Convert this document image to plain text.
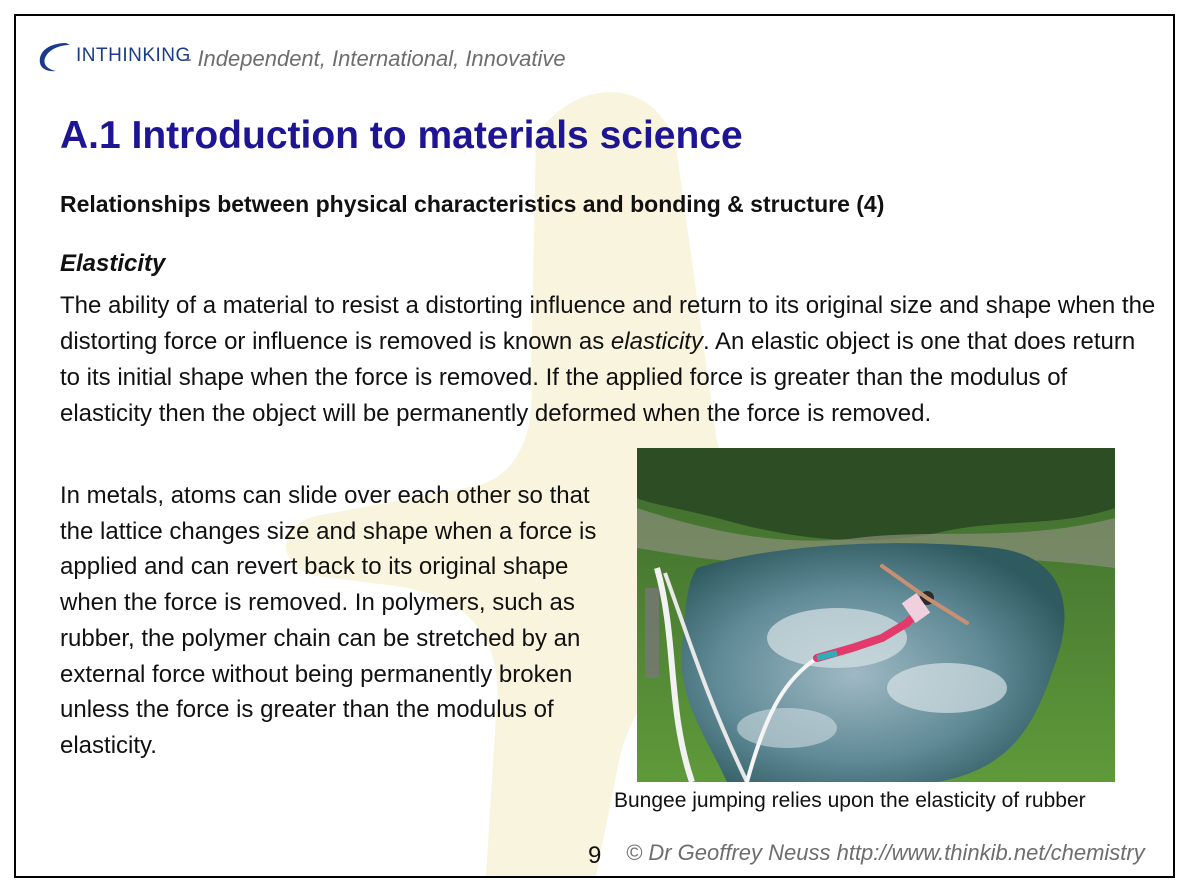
INTHINKING
- Independent, International, Innovative
A.1 Introduction to materials science
Relationships between physical characteristics and bonding & structure (4)
Elasticity
The ability of a material to resist a distorting influence and return to its original size and shape when the distorting force or influence is removed is known as elasticity. An elastic object is one that does return to its initial shape when the force is removed. If the applied force is greater than the modulus of elasticity then the object will be permanently deformed when the force is removed.
In metals, atoms can slide over each other so that the lattice changes size and shape when a force is applied and can revert back to its original shape when the force is removed. In polymers, such as rubber, the polymer chain can be stretched by an external force without being permanently broken unless the force is greater than the modulus of elasticity.
Bungee jumping relies upon the elasticity of rubber
9 © Dr Geoffrey Neuss http://www.thinkib.net/chemistry
